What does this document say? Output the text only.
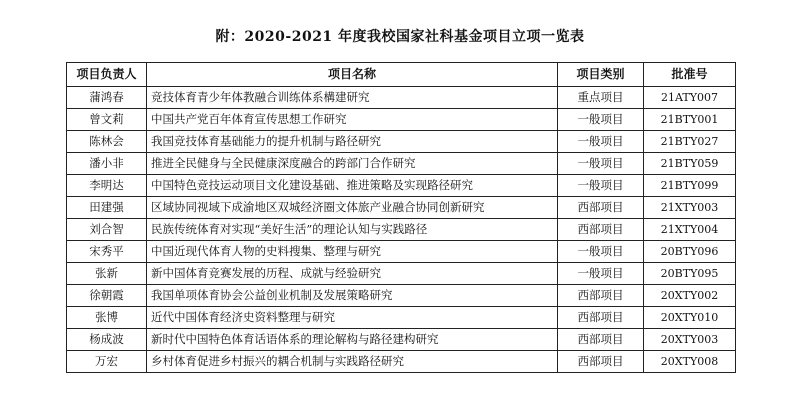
附：2020-2021 年度我校国家社科基金项目立项一览表
项目负责人	项目名称	项目类别	批准号
蒲鸿春	竞技体育青少年体教融合训练体系構建研究	重点项目	21ATY007
曾文莉	中国共产党百年体育宣传思想工作研究	一般项目	21BTY001
陈林会	我国竞技体育基础能力的提升机制与路径研究	一般项目	21BTY027
潘小非	推进全民健身与全民健康深度融合的跨部门合作研究	一般项目	21BTY059
李明达	中国特色竞技运动项目文化建设基础、推进策略及实现路径研究	一般项目	21BTY099
田建强	区域协同视域下成渝地区双城经济圈文体旅产业融合协同创新研究	西部项目	21XTY003
刘合智	民族传统体育对实现“美好生活”的理论认知与实践路径	西部项目	21XTY004
宋秀平	中国近现代体育人物的史料搜集、整理与研究	一般项目	20BTY096
张新	新中国体育竞赛发展的历程、成就与经验研究	一般项目	20BTY095
徐朝霞	我国单项体育协会公益创业机制及发展策略研究	西部项目	20XTY002
张博	近代中国体育经济史资料整理与研究	西部项目	20XTY010
杨成波	新时代中国特色体育话语体系的理论解构与路径建构研究	西部项目	20XTY003
万宏	乡村体育促进乡村振兴的耦合机制与实践路径研究	西部项目	20XTY008
